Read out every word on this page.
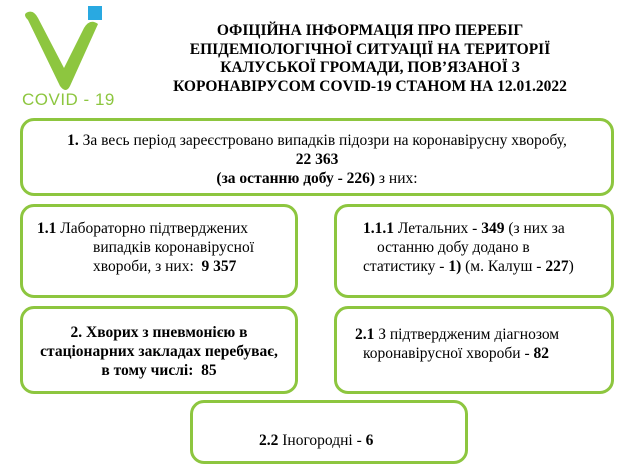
COVID - 19
ОФІЦІЙНА ІНФОРМАЦІЯ ПРО ПЕРЕБІГ
ЕПІДЕМІОЛОГІЧНОЇ СИТУАЦІЇ НА ТЕРИТОРІЇ
КАЛУСЬКОЇ ГРОМАДИ, ПОВ’ЯЗАНОЇ З
КОРОНАВІРУСОМ COVID-19 СТАНОМ НА 12.01.2022
1. За весь період зареєстровано випадків підозри на коронавірусну хворобу,
22 363
(за останню добу - 226) з них:
1.1 Лабораторно підтверджених
випадків коронавірусної
хвороби, з них: 9 357
1.1.1 Летальних - 349 (з них за
останню добу додано в
статистику - 1) (м. Калуш - 227)
2. Хворих з пневмонією в
стаціонарних закладах перебуває,
в тому числі: 85
2.1 З підтвердженим діагнозом
коронавірусної хвороби - 82
2.2 Іногородні - 6
